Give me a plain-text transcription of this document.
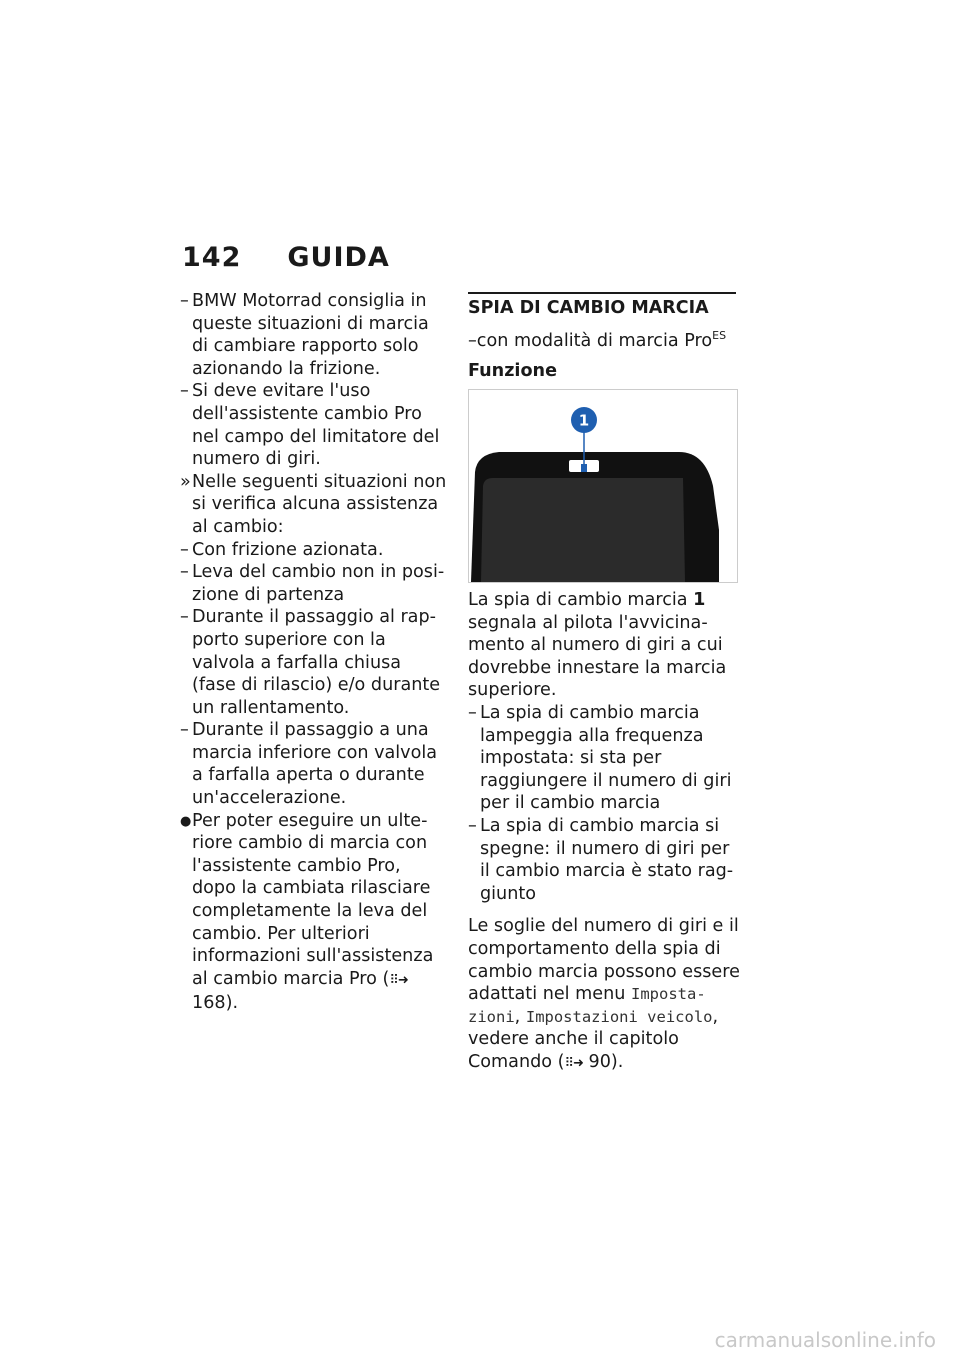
142 GUIDA
– BMW Motorrad consiglia in queste situazioni di marcia di cambiare rapporto solo azionando la frizione.
– Si deve evitare l'uso dell'assistente cambio Pro nel campo del limitatore del numero di giri.
» Nelle seguenti situazioni non si verifica alcuna assistenza al cambio:
– Con frizione azionata.
– Leva del cambio non in posizione di partenza
– Durante il passaggio al rapporto superiore con la valvola a farfalla chiusa (fase di rilascio) e/o durante un rallentamento.
– Durante il passaggio a una marcia inferiore con valvola a farfalla aperta o durante un'accelerazione.
● Per poter eseguire un ulteriore cambio di marcia con l'assistente cambio Pro, dopo la cambiata rilasciare completamente la leva del cambio. Per ulteriori informazioni sull'assistenza al cambio marcia Pro (⠿➜ 168).
SPIA DI CAMBIO MARCIA
–con modalità di marcia Pro$^{ES}$
Funzione
1
La spia di cambio marcia 1 segnala al pilota l'avvicinamento al numero di giri a cui dovrebbe innestare la marcia superiore.
– La spia di cambio marcia lampeggia alla frequenza impostata: si sta per raggiungere il numero di giri per il cambio marcia
– La spia di cambio marcia si spegne: il numero di giri per il cambio marcia è stato raggiunto
Le soglie del numero di giri e il comportamento della spia di cambio marcia possono essere adattati nel menu Impostazioni, Impostazioni veicolo, vedere anche il capitolo Comando (⠿➜ 90).
carmanualsonline.info
